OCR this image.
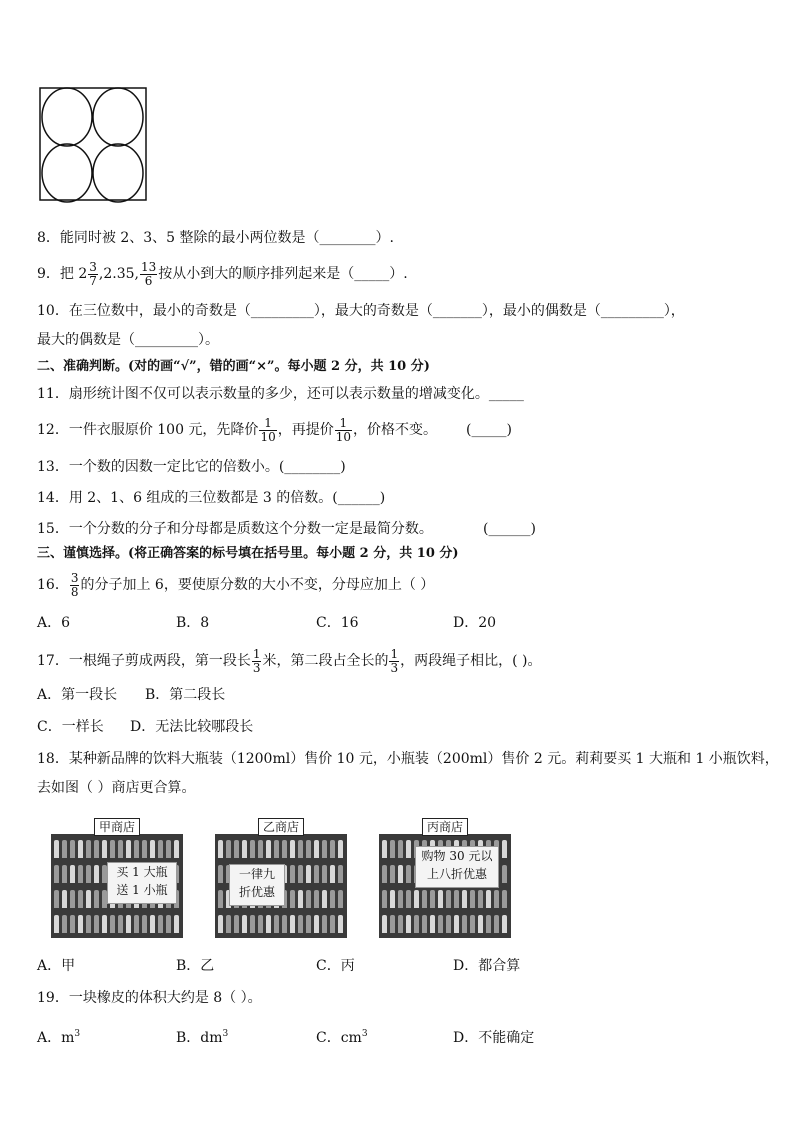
8．能同时被 2、3、5 整除的最小两位数是（________）.
9．把 $2 \frac{3}{7} ,2.35$, $\frac{13}{6}$ 按从小到大的顺序排列起来是（_____）.
10．在三位数中，最小的奇数是（_________），最大的奇数是（_______），最小的偶数是（_________），
最大的偶数是（_________）。
二、准确判断。(对的画“√”，错的画“×”。每小题 2 分，共 10 分)
11．扇形统计图不仅可以表示数量的多少，还可以表示数量的增减变化。_____
12．一件衣服原价 100 元，先降价 $\frac{1}{10}$ ，再提价 $\frac{1}{10}$ ，价格不变。 (_____)
13．一个数的因数一定比它的倍数小。(________)
14．用 2、1、6 组成的三位数都是 3 的倍数。(______)
15．一个分数的分子和分母都是质数这个分数一定是最简分数。	(______)
三、谨慎选择。(将正确答案的标号填在括号里。每小题 2 分，共 10 分)
16． $\frac{3}{8}$ 的分子加上 6，要使原分数的大小不变，分母应加上（ ）
A．6	B．8	C．16	D．20
17．一根绳子剪成两段，第一段长 $\frac{1}{3}$ 米，第二段占全长的 $\frac{1}{3}$ ，两段绳子相比，( )。
A．第一段长 B．第二段长
C．一样长 D．无法比较哪段长
18．某种新品牌的饮料大瓶装（1200ml）售价 10 元，小瓶装（200ml）售价 2 元。莉莉要买 1 大瓶和 1 小瓶饮料，
去如图（ ）商店更合算。
甲商店
买 1 大瓶
送 1 小瓶
乙商店
一律九
折优惠
丙商店
购物 30 元以
上八折优惠
A．甲	B．乙	C．丙	D．都合算
19．一块橡皮的体积大约是 8（ ）。
A．$m^3$	B．$dm^3$	C．$cm^3$	D．不能确定
